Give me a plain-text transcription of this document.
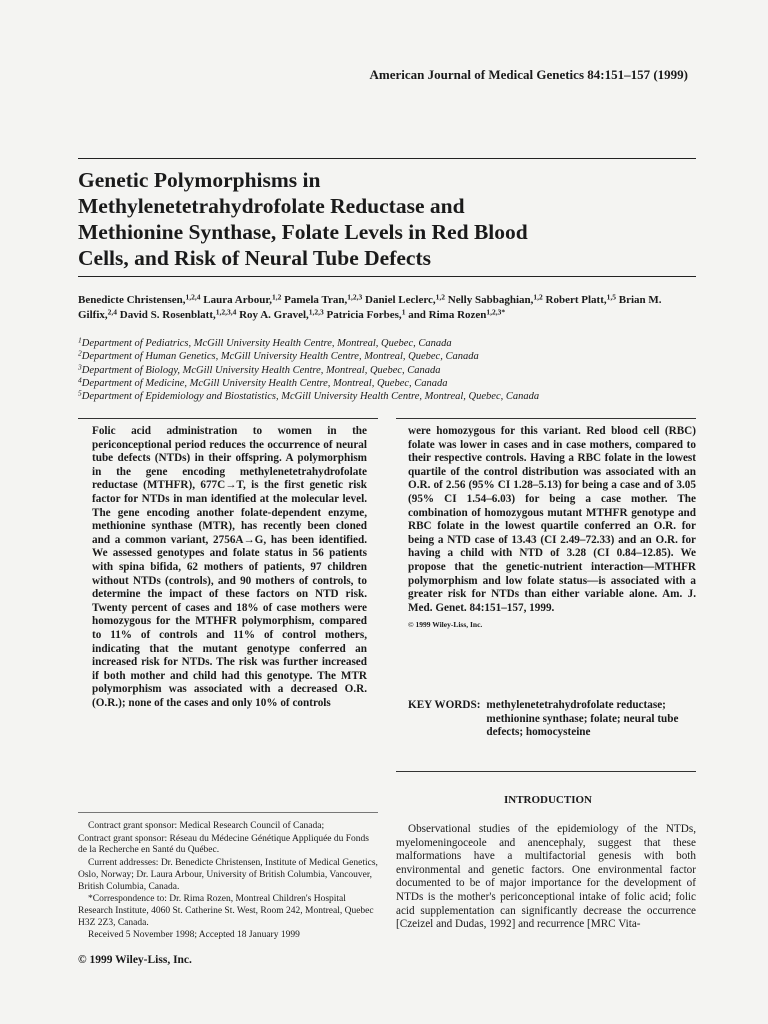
American Journal of Medical Genetics 84:151–157 (1999)
Genetic Polymorphisms in
Methylenetetrahydrofolate Reductase and
Methionine Synthase, Folate Levels in Red Blood
Cells, and Risk of Neural Tube Defects
Benedicte Christensen,$^{1,2,4}$ Laura Arbour,$^{1,2}$ Pamela Tran,$^{1,2,3}$ Daniel Leclerc,$^{1,2}$ Nelly Sabbaghian,$^{1,2}$ Robert Platt,$^{1,5}$ Brian M. Gilfix,$^{2,4}$ David S. Rosenblatt,$^{1,2,3,4}$ Roy A. Gravel,$^{1,2,3}$ Patricia Forbes,$^1$ and Rima Rozen$^{1,2,3*}$
$^1$Department of Pediatrics, McGill University Health Centre, Montreal, Quebec, Canada
$^2$Department of Human Genetics, McGill University Health Centre, Montreal, Quebec, Canada
$^3$Department of Biology, McGill University Health Centre, Montreal, Quebec, Canada
$^4$Department of Medicine, McGill University Health Centre, Montreal, Quebec, Canada
$^5$Department of Epidemiology and Biostatistics, McGill University Health Centre, Montreal, Quebec, Canada

Folic acid administration to women in the periconceptional period reduces the occurrence of neural tube defects (NTDs) in their offspring. A polymorphism in the gene encoding methylenetetrahydrofolate reductase (MTHFR), 677C→T, is the first genetic risk factor for NTDs in man identified at the molecular level. The gene encoding another folate-dependent enzyme, methionine synthase (MTR), has recently been cloned and a common variant, 2756A→G, has been identified. We assessed genotypes and folate status in 56 patients with spina bifida, 62 mothers of patients, 97 children without NTDs (controls), and 90 mothers of controls, to determine the impact of these factors on NTD risk. Twenty percent of cases and 18% of case mothers were homozygous for the MTHFR polymorphism, compared to 11% of controls and 11% of control mothers, indicating that the mutant genotype conferred an increased risk for NTDs. The risk was further increased if both mother and child had this genotype. The MTR polymorphism was associated with a decreased O.R. (O.R.); none of the cases and only 10% of controls

were homozygous for this variant. Red blood cell (RBC) folate was lower in cases and in case mothers, compared to their respective controls. Having a RBC folate in the lowest quartile of the control distribution was associated with an O.R. of 2.56 (95% CI 1.28–5.13) for being a case and of 3.05 (95% CI 1.54–6.03) for being a case mother. The combination of homozygous mutant MTHFR genotype and RBC folate in the lowest quartile conferred an O.R. for being a NTD case of 13.43 (CI 2.49–72.33) and an O.R. for having a child with NTD of 3.28 (CI 0.84–12.85). We propose that the genetic-nutrient interaction—MTHFR polymorphism and low folate status—is associated with a greater risk for NTDs than either variable alone. Am. J. Med. Genet. 84:151–157, 1999.

© 1999 Wiley-Liss, Inc.
KEY WORDS: methylenetetrahydrofolate reductase; methionine synthase; folate; neural tube defects; homocysteine
INTRODUCTION

Observational studies of the epidemiology of the NTDs, myelomeningoceole and anencephaly, suggest that these malformations have a multifactorial genesis with both environmental and genetic factors. One environmental factor documented to be of major importance for the development of NTDs is the mother's periconceptional intake of folic acid; folic acid supplementation can significantly decrease the occurrence [Czeizel and Dudas, 1992] and recurrence [MRC Vita-

Contract grant sponsor: Medical Research Council of Canada;

Contract grant sponsor: Réseau du Médecine Génétique Appliquée du Fonds de la Recherche en Santé du Québec.

Current addresses: Dr. Benedicte Christensen, Institute of Medical Genetics, Oslo, Norway; Dr. Laura Arbour, University of British Columbia, Vancouver, British Columbia, Canada.

*Correspondence to: Dr. Rima Rozen, Montreal Children's Hospital Research Institute, 4060 St. Catherine St. West, Room 242, Montreal, Quebec H3Z 2Z3, Canada.

Received 5 November 1998; Accepted 18 January 1999

© 1999 Wiley-Liss, Inc.
